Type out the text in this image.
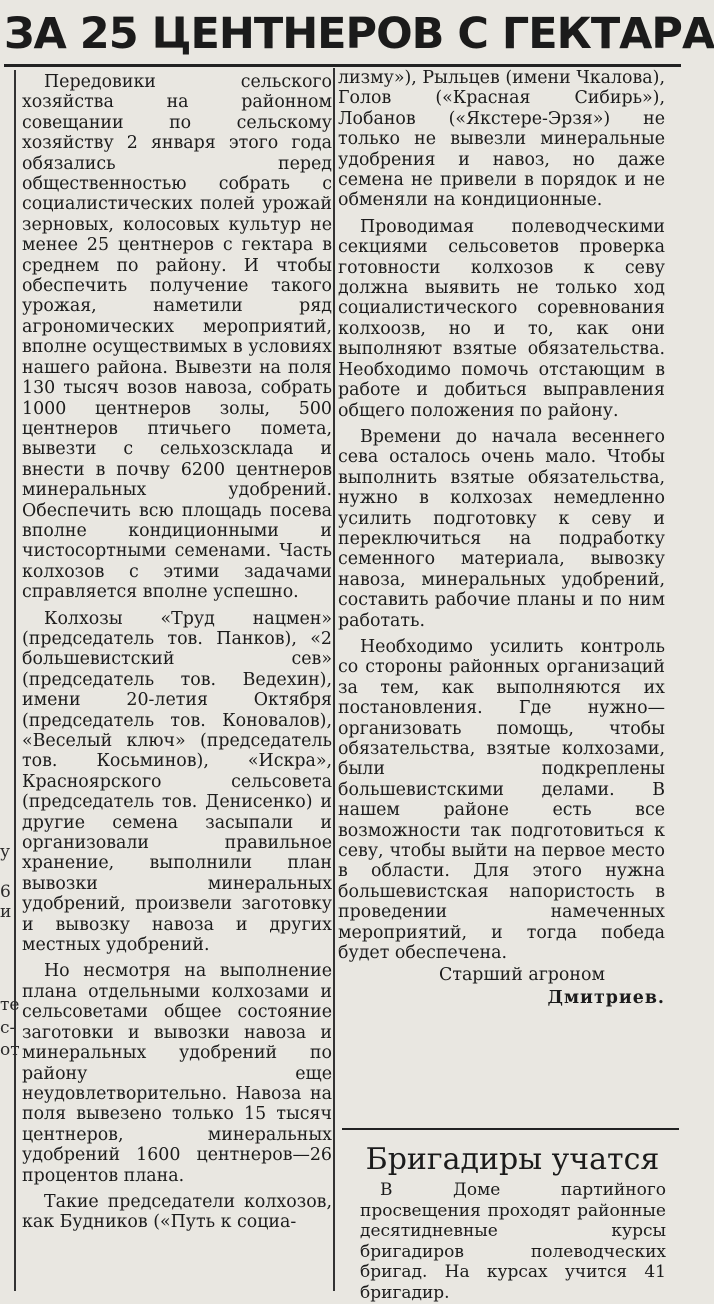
ЗА 25 ЦЕНТНЕРОВ С ГЕКТАРА
у
6
и
те
с-
от

Передовики сельского хозяйства на районном совещании по сельскому хозяйству 2 января этого года обязались перед общественностью собрать с социалистических полей урожай зерновых, колосовых культур не менее 25 центнеров с гектара в среднем по району. И чтобы обеспечить получение такого урожая, наметили ряд агрономических мероприятий, вполне осуществимых в условиях нашего района. Вывезти на поля 130 тысяч возов навоза, собрать 1000 центнеров золы, 500 центнеров птичьего помета, вывезти с сельхозсклада и внести в почву 6200 центнеров минеральных удобрений. Обеспечить всю площадь посева вполне кондиционными и чистосортными семенами. Часть колхозов с этими задачами справляется вполне успешно.

Колхозы «Труд нацмен» (председатель тов. Панков), «2 большевистский сев» (председатель тов. Ведехин), имени 20-летия Октября (председатель тов. Коновалов), «Веселый ключ» (председатель тов. Косьминов), «Искра», Красноярского сельсовета (председатель тов. Денисенко) и другие семена засыпали и организовали правильное хранение, выполнили план вывозки минеральных удобрений, произвели заготовку и вывозку навоза и других местных удобрений.

Но несмотря на выполнение плана отдельными колхозами и сельсоветами общее состояние заготовки и вывозки навоза и минеральных удобрений по району еще неудовлетворительно. Навоза на поля вывезено только 15 тысяч центнеров, минеральных удобрений 1600 центнеров—26 процентов плана.

Такие председатели колхозов, как Будников («Путь к социа-

лизму»), Рыльцев (имени Чкалова), Голов («Красная Сибирь»), Лобанов («Якстере-Эрзя») не только не вывезли минеральные удобрения и навоз, но даже семена не привели в порядок и не обменяли на кондиционные.

Проводимая полеводческими секциями сельсоветов проверка готовности колхозов к севу должна выявить не только ход социалистического соревнования колхоозв, но и то, как они выполняют взятые обязательства. Необходимо помочь отстающим в работе и добиться выправления общего положения по району.

Времени до начала весеннего сева осталось очень мало. Чтобы выполнить взятые обязательства, нужно в колхозах немедленно усилить подготовку к севу и переключиться на подработку семенного материала, вывозку навоза, минеральных удобрений, составить рабочие планы и по ним работать.

Необходимо усилить контроль со стороны районных организаций за тем, как выполняются их постановления. Где нужно—организовать помощь, чтобы обязательства, взятые колхозами, были подкреплены большевистскими делами. В нашем районе есть все возможности так подготовиться к севу, чтобы выйти на первое место в области. Для этого нужна большевистская напористость в проведении намеченных мероприятий, и тогда победа будет обеспечена.

Старший агроном
Дмитриев.
Бригадиры учатся

В Доме партийного просвещения проходят районные десятидневные курсы бригадиров полеводческих бригад. На курсах учится 41 бригадир.
